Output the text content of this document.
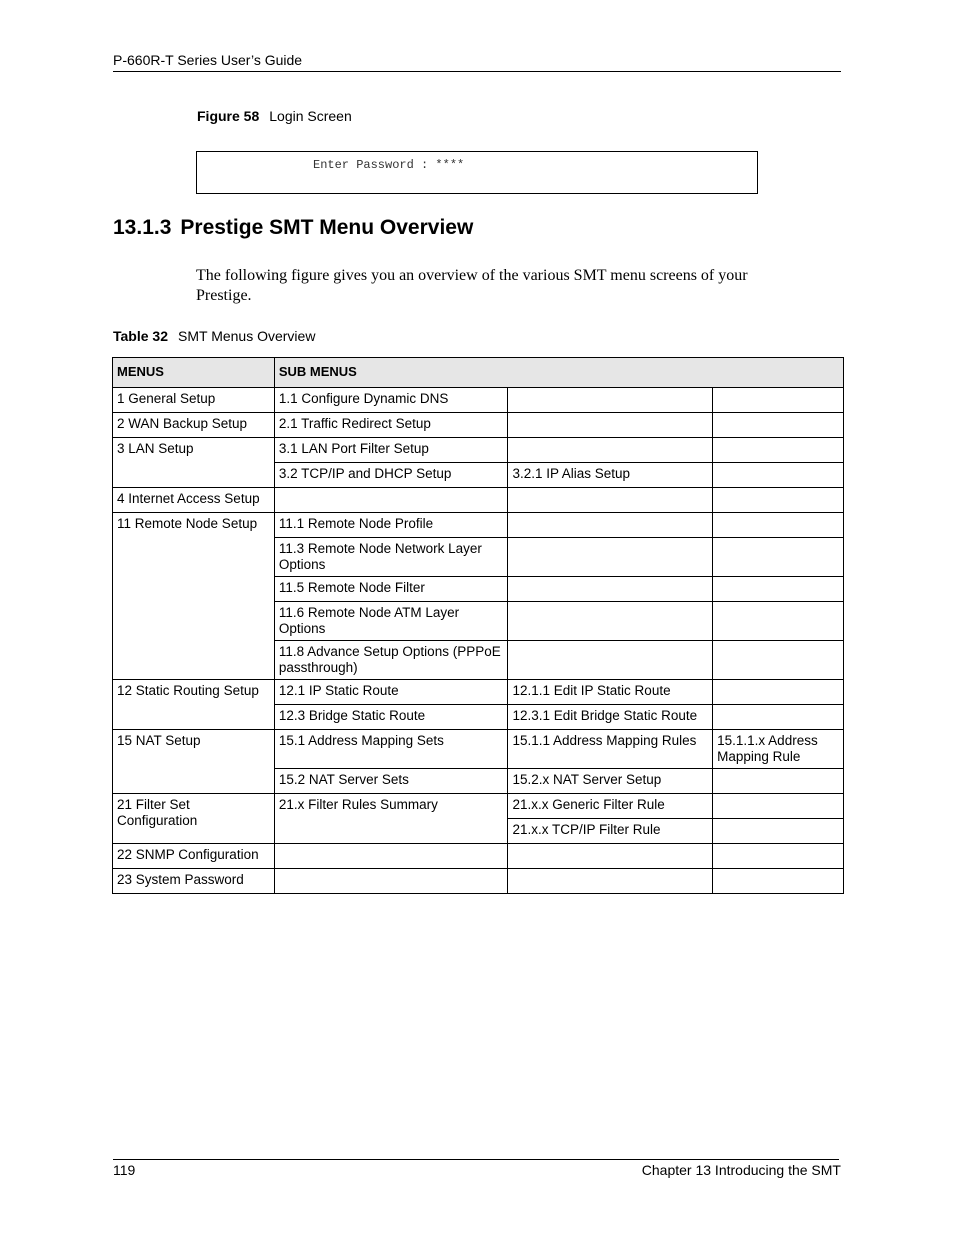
P-660R-T Series User’s Guide
Figure 58 Login Screen
Enter Password : ****
13.1.3 Prestige SMT Menu Overview

The following figure gives you an overview of the various SMT menu screens of your Prestige.

Table 32 SMT Menus Overview
MENUS	SUB MENUS		
1 General Setup	1.1 Configure Dynamic DNS		
2 WAN Backup Setup	2.1 Traffic Redirect Setup		
3 LAN Setup	3.1 LAN Port Filter Setup		
	3.2 TCP/IP and DHCP Setup	3.2.1 IP Alias Setup	
4 Internet Access Setup			
11 Remote Node Setup	11.1 Remote Node Profile		
	11.3 Remote Node Network Layer Options		
	11.5 Remote Node Filter		
	11.6 Remote Node ATM Layer Options		
	11.8 Advance Setup Options (PPPoE passthrough)		
12 Static Routing Setup	12.1 IP Static Route	12.1.1 Edit IP Static Route	
	12.3 Bridge Static Route	12.3.1 Edit Bridge Static Route	
15 NAT Setup	15.1 Address Mapping Sets	15.1.1 Address Mapping Rules	15.1.1.x Address Mapping Rule
	15.2 NAT Server Sets	15.2.x NAT Server Setup	
21 Filter Set Configuration	21.x Filter Rules Summary	21.x.x Generic Filter Rule	
		21.x.x TCP/IP Filter Rule	
22 SNMP Configuration			
23 System Password			
119	Chapter 13 Introducing the SMT
